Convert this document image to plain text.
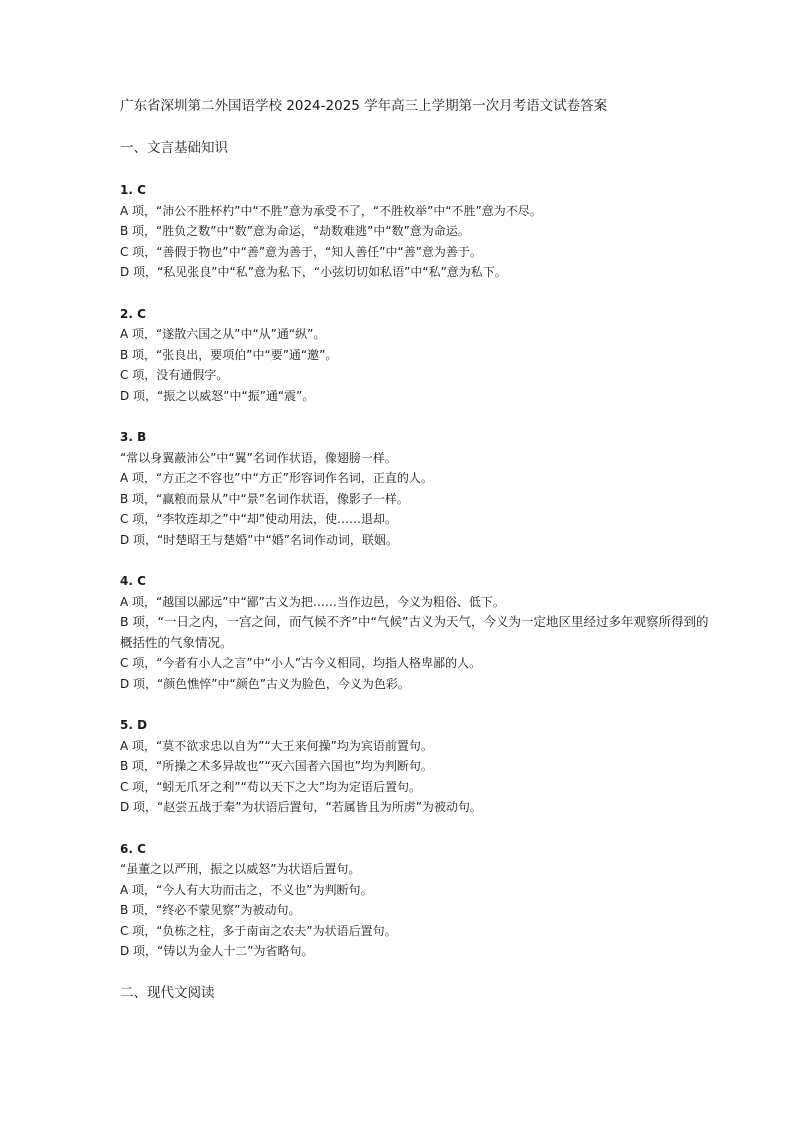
广东省深圳第二外国语学校 2024-2025 学年高三上学期第一次月考语文试卷答案
一、文言基础知识
1. C
A 项，“沛公不胜杯杓”中“不胜”意为承受不了，“不胜枚举”中“不胜”意为不尽。
B 项，“胜负之数”中“数”意为命运，“劫数难逃”中“数”意为命运。
C 项，“善假于物也”中“善”意为善于，“知人善任”中“善”意为善于。
D 项，“私见张良”中“私”意为私下，“小弦切切如私语”中“私”意为私下。
2. C
A 项，“遂散六国之从”中“从”通“纵”。
B 项，“张良出，要项伯”中“要”通“邀”。
C 项，没有通假字。
D 项，“振之以威怒”中“振”通“震”。
3. B
“常以身翼蔽沛公”中“翼”名词作状语，像翅膀一样。
A 项，“方正之不容也”中“方正”形容词作名词，正直的人。
B 项，“赢粮而景从”中“景”名词作状语，像影子一样。
C 项，“李牧连却之”中“却”使动用法，使……退却。
D 项，“时楚昭王与楚婚”中“婚”名词作动词，联姻。
4. C
A 项，“越国以鄙远”中“鄙”古义为把……当作边邑，今义为粗俗、低下。
B 项，“一日之内，一宫之间，而气候不齐”中“气候”古义为天气，今义为一定地区里经过多年观察所得到的概括性的气象情况。
C 项，“今者有小人之言”中“小人”古今义相同，均指人格卑鄙的人。
D 项，“颜色憔悴”中“颜色”古义为脸色，今义为色彩。
5. D
A 项，“莫不欲求忠以自为”“大王来何操”均为宾语前置句。
B 项，“所操之术多异故也”“灭六国者六国也”均为判断句。
C 项，“蚓无爪牙之利”“苟以天下之大”均为定语后置句。
D 项，“赵尝五战于秦”为状语后置句，“若属皆且为所虏”为被动句。
6. C
“虽董之以严刑，振之以威怒”为状语后置句。
A 项，“今人有大功而击之，不义也”为判断句。
B 项，“终必不蒙见察”为被动句。
C 项，“负栋之柱，多于南亩之农夫”为状语后置句。
D 项，“铸以为金人十二”为省略句。
二、现代文阅读
